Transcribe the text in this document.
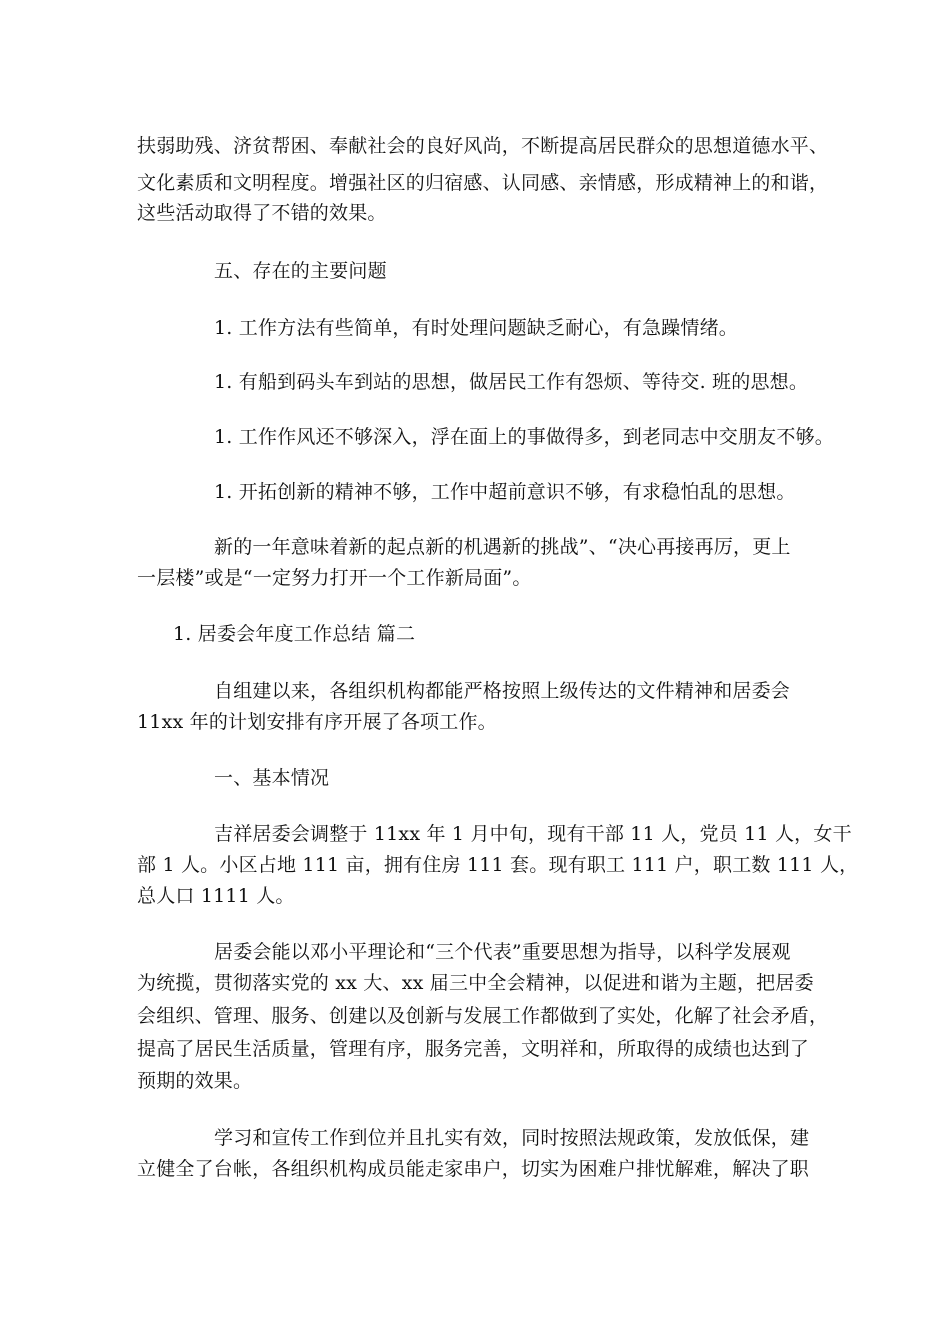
扶弱助残、济贫帮困、奉献社会的良好风尚，不断提高居民群众的思想道德水平、
文化素质和文明程度。增强社区的归宿感、认同感、亲情感，形成精神上的和谐，
这些活动取得了不错的效果。
五、存在的主要问题
1. 工作方法有些简单，有时处理问题缺乏耐心，有急躁情绪。
1. 有船到码头车到站的思想，做居民工作有怨烦、等待交. 班的思想。
1. 工作作风还不够深入，浮在面上的事做得多，到老同志中交朋友不够。
1. 开拓创新的精神不够，工作中超前意识不够，有求稳怕乱的思想。
新的一年意味着新的起点新的机遇新的挑战”、“决心再接再厉，更上
一层楼”或是“一定努力打开一个工作新局面”。
1. 居委会年度工作总结 篇二
自组建以来，各组织机构都能严格按照上级传达的文件精神和居委会
11xx 年的计划安排有序开展了各项工作。
一、基本情况
吉祥居委会调整于 11xx 年 1 月中旬，现有干部 11 人，党员 11 人，女干
部 1 人。小区占地 111 亩，拥有住房 111 套。现有职工 111 户，职工数 111 人，
总人口 1111 人。
居委会能以邓小平理论和“三个代表”重要思想为指导，以科学发展观
为统揽，贯彻落实党的 xx 大、xx 届三中全会精神，以促进和谐为主题，把居委
会组织、管理、服务、创建以及创新与发展工作都做到了实处，化解了社会矛盾，
提高了居民生活质量，管理有序，服务完善，文明祥和，所取得的成绩也达到了
预期的效果。
学习和宣传工作到位并且扎实有效，同时按照法规政策，发放低保，建
立健全了台帐，各组织机构成员能走家串户，切实为困难户排忧解难，解决了职
